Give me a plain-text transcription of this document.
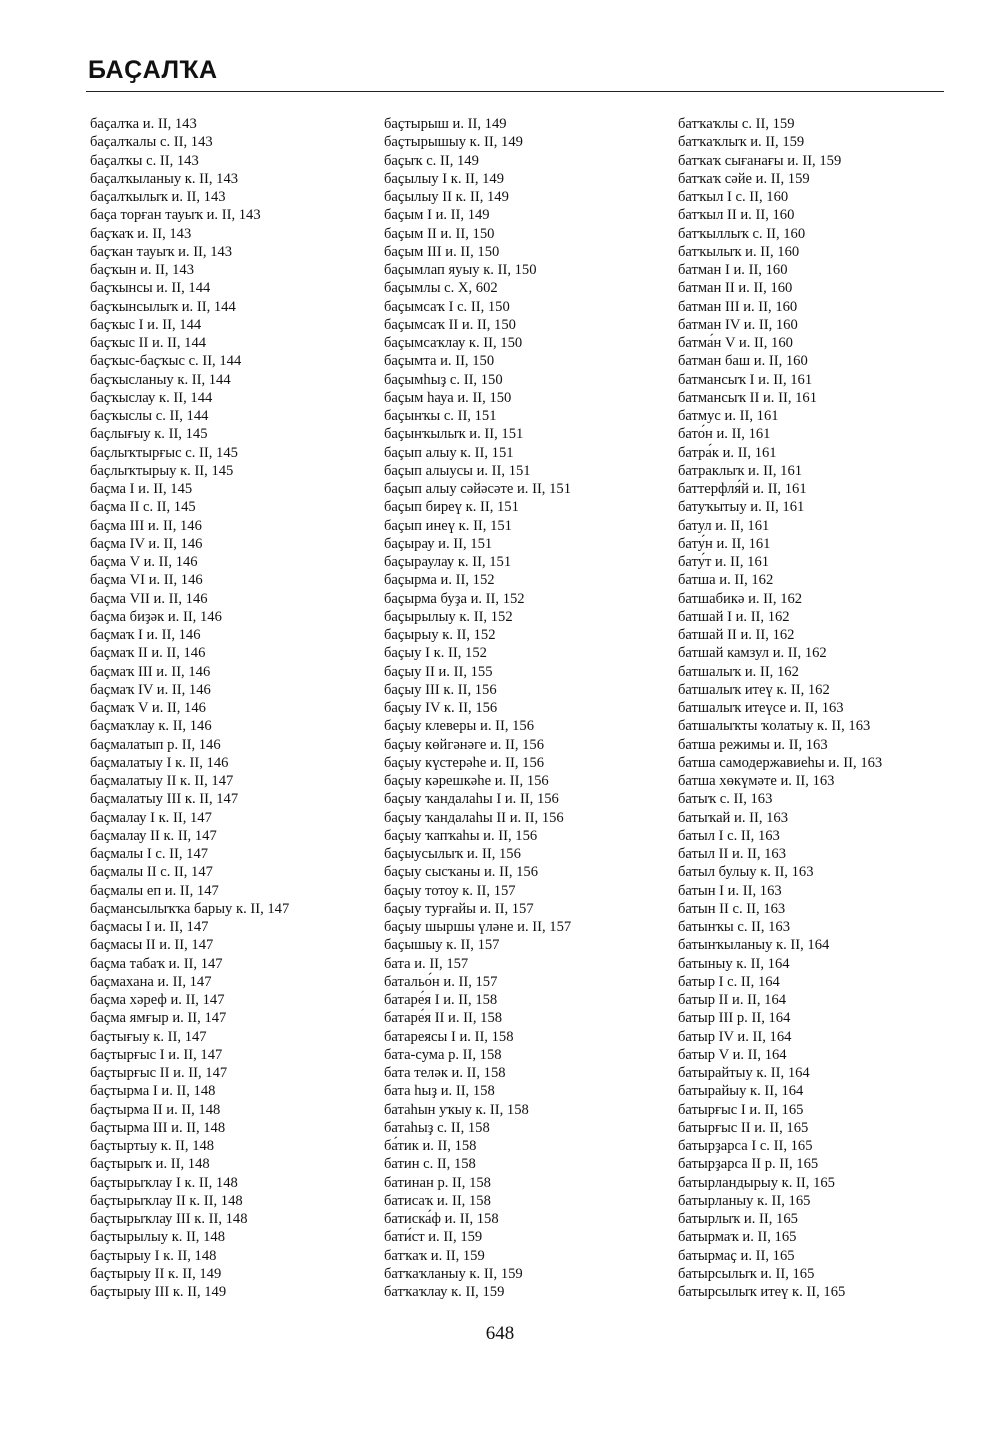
БАҪАЛҠА
баҫалҡа и. II, 143
баҫалҡалы с. II, 143
баҫалҡы с. II, 143
баҫалҡыланыу к. II, 143
баҫалҡылыҡ и. II, 143
баҫа торған тауыҡ и. II, 143
баҫҡаҡ и. II, 143
баҫҡан тауыҡ и. II, 143
баҫҡын и. II, 143
баҫҡынсы и. II, 144
баҫҡынсылыҡ и. II, 144
баҫҡыс I и. II, 144
баҫҡыс II и. II, 144
баҫҡыс-баҫҡыс с. II, 144
баҫҡысланыу к. II, 144
баҫҡыслау к. II, 144
баҫҡыслы с. II, 144
баҫлығыу к. II, 145
баҫлыҡтырғыс с. II, 145
баҫлыҡтырыу к. II, 145
баҫма I и. II, 145
баҫма II с. II, 145
баҫма III и. II, 146
баҫма IV и. II, 146
баҫма V и. II, 146
баҫма VI и. II, 146
баҫма VII и. II, 146
баҫма биҙәк и. II, 146
баҫмаҡ I и. II, 146
баҫмаҡ II и. II, 146
баҫмаҡ III и. II, 146
баҫмаҡ IV и. II, 146
баҫмаҡ V и. II, 146
баҫмаҡлау к. II, 146
баҫмалатып р. II, 146
баҫмалатыу I к. II, 146
баҫмалатыу II к. II, 147
баҫмалатыу III к. II, 147
баҫмалау I к. II, 147
баҫмалау II к. II, 147
баҫмалы I с. II, 147
баҫмалы II с. II, 147
баҫмалы еп и. II, 147
баҫмансылыҡҡа барыу к. II, 147
баҫмасы I и. II, 147
баҫмасы II и. II, 147
баҫма табаҡ и. II, 147
баҫмахана и. II, 147
баҫма хәреф и. II, 147
баҫма ямғыр и. II, 147
баҫтығыу к. II, 147
баҫтырғыс I и. II, 147
баҫтырғыс II и. II, 147
баҫтырма I и. II, 148
баҫтырма II и. II, 148
баҫтырма III и. II, 148
баҫтыртыу к. II, 148
баҫтырыҡ и. II, 148
баҫтырыҡлау I к. II, 148
баҫтырыҡлау II к. II, 148
баҫтырыҡлау III к. II, 148
баҫтырылыу к. II, 148
баҫтырыу I к. II, 148
баҫтырыу II к. II, 149
баҫтырыу III к. II, 149
баҫтырыш и. II, 149
баҫтырышыу к. II, 149
баҫыҡ с. II, 149
баҫылыу I к. II, 149
баҫылыу II к. II, 149
баҫым I и. II, 149
баҫым II и. II, 150
баҫым III и. II, 150
баҫымлап яуыу к. II, 150
баҫымлы с. X, 602
баҫымсаҡ I с. II, 150
баҫымсаҡ II и. II, 150
баҫымсаҡлау к. II, 150
баҫымта и. II, 150
баҫымһыҙ с. II, 150
баҫым һауа и. II, 150
баҫынҡы с. II, 151
баҫынҡылыҡ и. II, 151
баҫып алыу к. II, 151
баҫып алыусы и. II, 151
баҫып алыу сәйәсәте и. II, 151
баҫып биреү к. II, 151
баҫып инеү к. II, 151
баҫырау и. II, 151
баҫыраулау к. II, 151
баҫырма и. II, 152
баҫырма буҙа и. II, 152
баҫырылыу к. II, 152
баҫырыу к. II, 152
баҫыу I к. II, 152
баҫыу II и. II, 155
баҫыу III к. II, 156
баҫыу IV к. II, 156
баҫыу клеверы и. II, 156
баҫыу көйгәнәге и. II, 156
баҫыу күстерәһе и. II, 156
баҫыу кәрешкәһе и. II, 156
баҫыу ҡандалаһы I и. II, 156
баҫыу ҡандалаһы II и. II, 156
баҫыу ҡапҡаһы и. II, 156
баҫыусылыҡ и. II, 156
баҫыу сысҡаны и. II, 156
баҫыу тотоу к. II, 157
баҫыу турғайы и. II, 157
баҫыу шыршы үләне и. II, 157
баҫышыу к. II, 157
бата и. II, 157
батальо́н и. II, 157
батаре́я I и. II, 158
батаре́я II и. II, 158
батареясы I и. II, 158
бата-сума р. II, 158
бата теләк и. II, 158
бата һыҙ и. II, 158
батаһын уҡыу к. II, 158
батаһыҙ с. II, 158
ба́тик и. II, 158
батин с. II, 158
батинан р. II, 158
батисаҡ и. II, 158
батиска́ф и. II, 158
бати́ст и. II, 159
батҡаҡ и. II, 159
батҡаҡланыу к. II, 159
батҡаҡлау к. II, 159
батҡаҡлы с. II, 159
батҡаҡлыҡ и. II, 159
батҡаҡ сығанағы и. II, 159
батҡаҡ сәйе и. II, 159
батҡыл I с. II, 160
батҡыл II и. II, 160
батҡыллыҡ с. II, 160
батҡылыҡ и. II, 160
батман I и. II, 160
батман II и. II, 160
батман III и. II, 160
батман IV и. II, 160
батма́н V и. II, 160
батман баш и. II, 160
батмансыҡ I и. II, 161
батмансыҡ II и. II, 161
батмус и. II, 161
бато́н и. II, 161
батра́к и. II, 161
батраклыҡ и. II, 161
баттерфля́й и. II, 161
батуҡытыу и. II, 161
батул и. II, 161
бату́н и. II, 161
бату́т и. II, 161
батша и. II, 162
батшабикә и. II, 162
батшай I и. II, 162
батшай II и. II, 162
батшай камзул и. II, 162
батшалыҡ и. II, 162
батшалыҡ итеү к. II, 162
батшалыҡ итеүсе и. II, 163
батшалыҡты ҡолатыу к. II, 163
батша режимы и. II, 163
батша самодержавиеһы и. II, 163
батша хөкүмәте и. II, 163
батыҡ с. II, 163
батыҡай и. II, 163
батыл I с. II, 163
батыл II и. II, 163
батыл булыу к. II, 163
батын I и. II, 163
батын II с. II, 163
батынҡы с. II, 163
батынҡыланыу к. II, 164
батыныу к. II, 164
батыр I с. II, 164
батыр II и. II, 164
батыр III р. II, 164
батыр IV и. II, 164
батыр V и. II, 164
батырайтыу к. II, 164
батырайыу к. II, 164
батырғыс I и. II, 165
батырғыс II и. II, 165
батырҙарса I с. II, 165
батырҙарса II р. II, 165
батырландырыу к. II, 165
батырланыу к. II, 165
батырлыҡ и. II, 165
батырмаҡ и. II, 165
батырмаҫ и. II, 165
батырсылыҡ и. II, 165
батырсылыҡ итеү к. II, 165
648
